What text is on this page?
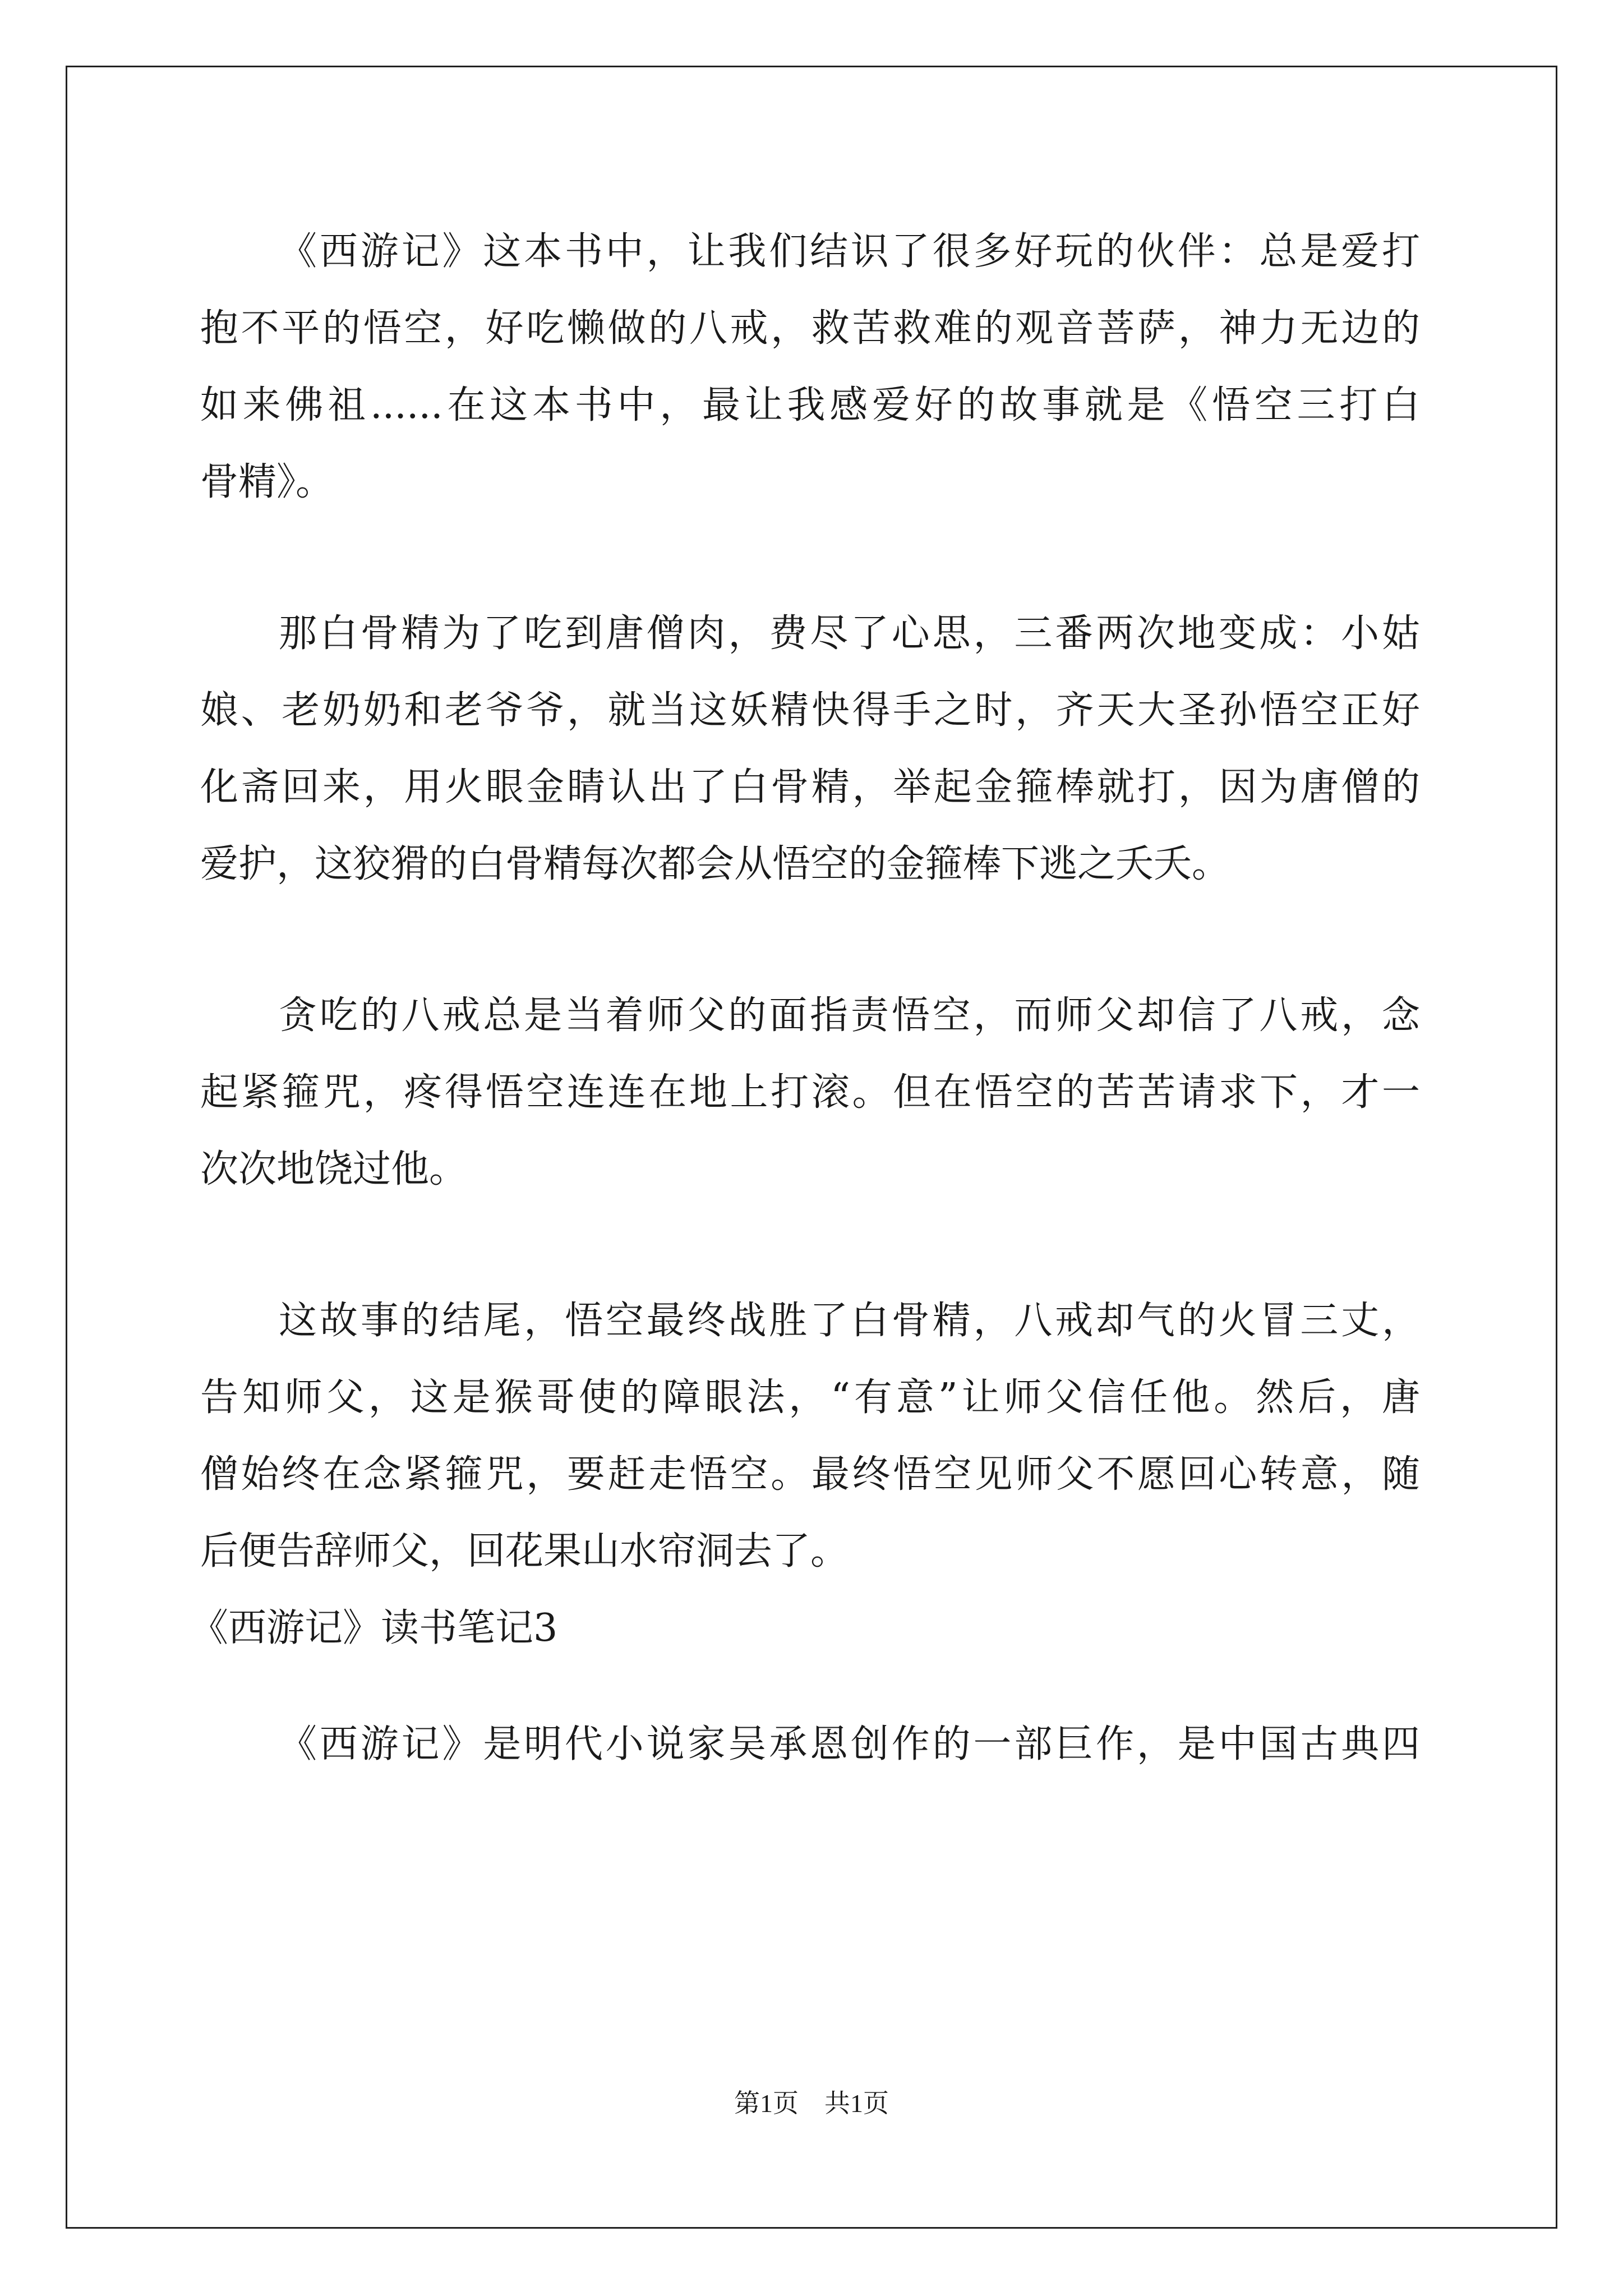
《西游记》这本书中，让我们结识了很多好玩的伙伴：总是爱打
抱不平的悟空，好吃懒做的八戒，救苦救难的观音菩萨，神力无边的
如来佛祖......在这本书中，最让我感爱好的故事就是《悟空三打白
骨精》。
那白骨精为了吃到唐僧肉，费尽了心思，三番两次地变成：小姑
娘、老奶奶和老爷爷，就当这妖精快得手之时，齐天大圣孙悟空正好
化斋回来，用火眼金睛认出了白骨精，举起金箍棒就打，因为唐僧的
爱护，这狡猾的白骨精每次都会从悟空的金箍棒下逃之夭夭。
贪吃的八戒总是当着师父的面指责悟空，而师父却信了八戒，念
起紧箍咒，疼得悟空连连在地上打滚。但在悟空的苦苦请求下，才一
次次地饶过他。
这故事的结尾，悟空最终战胜了白骨精，八戒却气的火冒三丈，
告知师父，这是猴哥使的障眼法，“有意”让师父信任他。然后，唐
僧始终在念紧箍咒，要赶走悟空。最终悟空见师父不愿回心转意，随
后便告辞师父，回花果山水帘洞去了。
《西游记》读书笔记3
《西游记》是明代小说家吴承恩创作的一部巨作，是中国古典四
第1页　共1页
